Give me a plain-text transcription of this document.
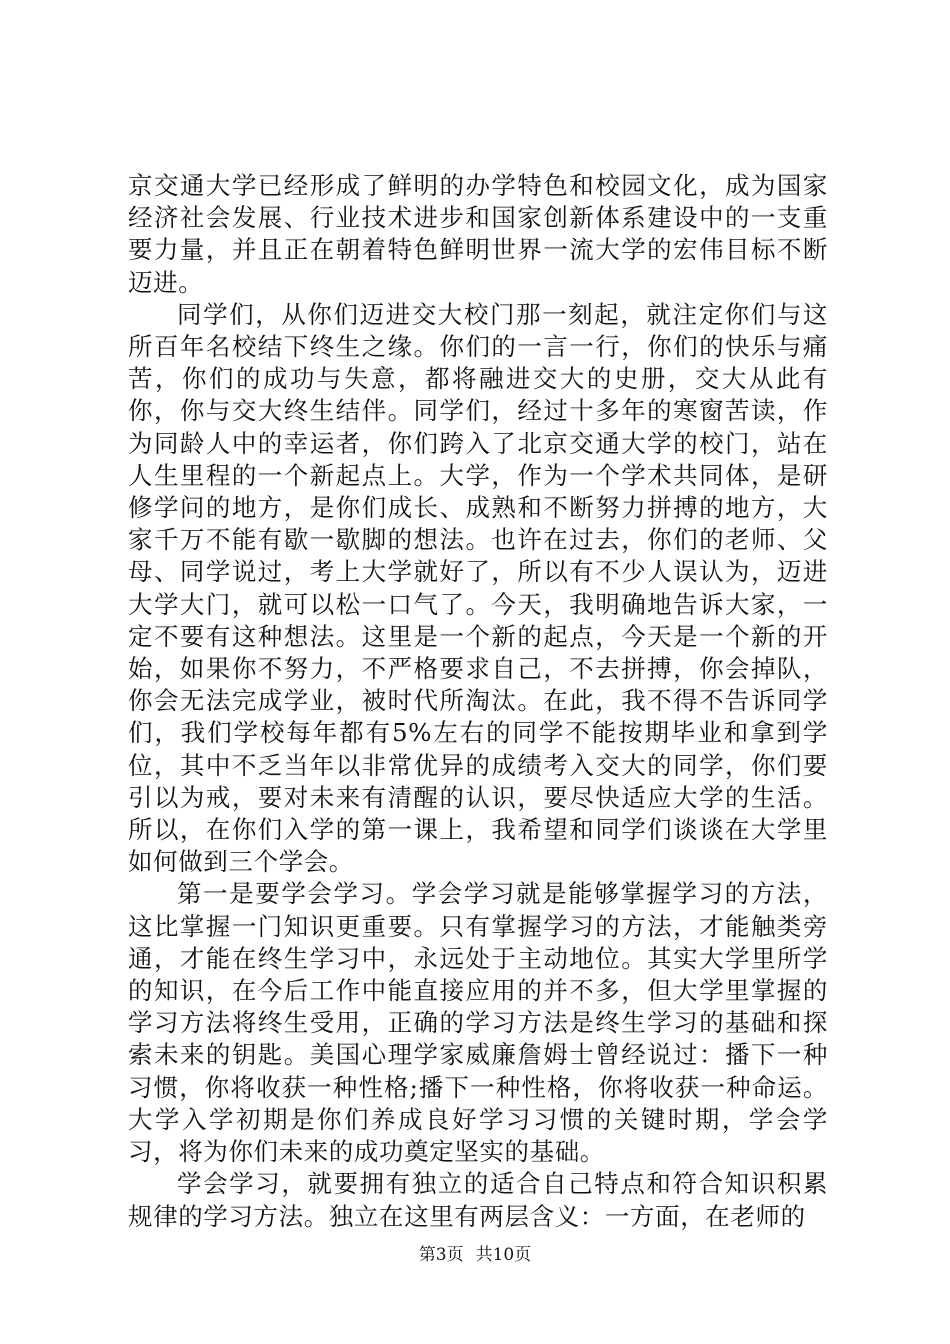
京交通大学已经形成了鲜明的办学特色和校园文化，成为国家经济社会发展、行业技术进步和国家创新体系建设中的一支重要力量，并且正在朝着特色鲜明世界一流大学的宏伟目标不断迈进。

同学们，从你们迈进交大校门那一刻起，就注定你们与这所百年名校结下终生之缘。你们的一言一行，你们的快乐与痛苦，你们的成功与失意，都将融进交大的史册，交大从此有你，你与交大终生结伴。同学们，经过十多年的寒窗苦读，作为同龄人中的幸运者，你们跨入了北京交通大学的校门，站在人生里程的一个新起点上。大学，作为一个学术共同体，是研修学问的地方，是你们成长、成熟和不断努力拼搏的地方，大家千万不能有歇一歇脚的想法。也许在过去，你们的老师、父母、同学说过，考上大学就好了，所以有不少人误认为，迈进大学大门，就可以松一口气了。今天，我明确地告诉大家，一定不要有这种想法。这里是一个新的起点，今天是一个新的开始，如果你不努力，不严格要求自己，不去拼搏，你会掉队，你会无法完成学业，被时代所淘汰。在此，我不得不告诉同学们，我们学校每年都有5%左右的同学不能按期毕业和拿到学位，其中不乏当年以非常优异的成绩考入交大的同学，你们要引以为戒，要对未来有清醒的认识，要尽快适应大学的生活。所以，在你们入学的第一课上，我希望和同学们谈谈在大学里如何做到三个学会。

第一是要学会学习。学会学习就是能够掌握学习的方法，这比掌握一门知识更重要。只有掌握学习的方法，才能触类旁通，才能在终生学习中，永远处于主动地位。其实大学里所学的知识，在今后工作中能直接应用的并不多，但大学里掌握的学习方法将终生受用，正确的学习方法是终生学习的基础和探索未来的钥匙。美国心理学家威廉詹姆士曾经说过：播下一种习惯，你将收获一种性格;播下一种性格，你将收获一种命运。大学入学初期是你们养成良好学习习惯的关键时期，学会学习，将为你们未来的成功奠定坚实的基础。

学会学习，就要拥有独立的适合自己特点和符合知识积累规律的学习方法。独立在这里有两层含义：一方面，在老师的

第3页 共10页
